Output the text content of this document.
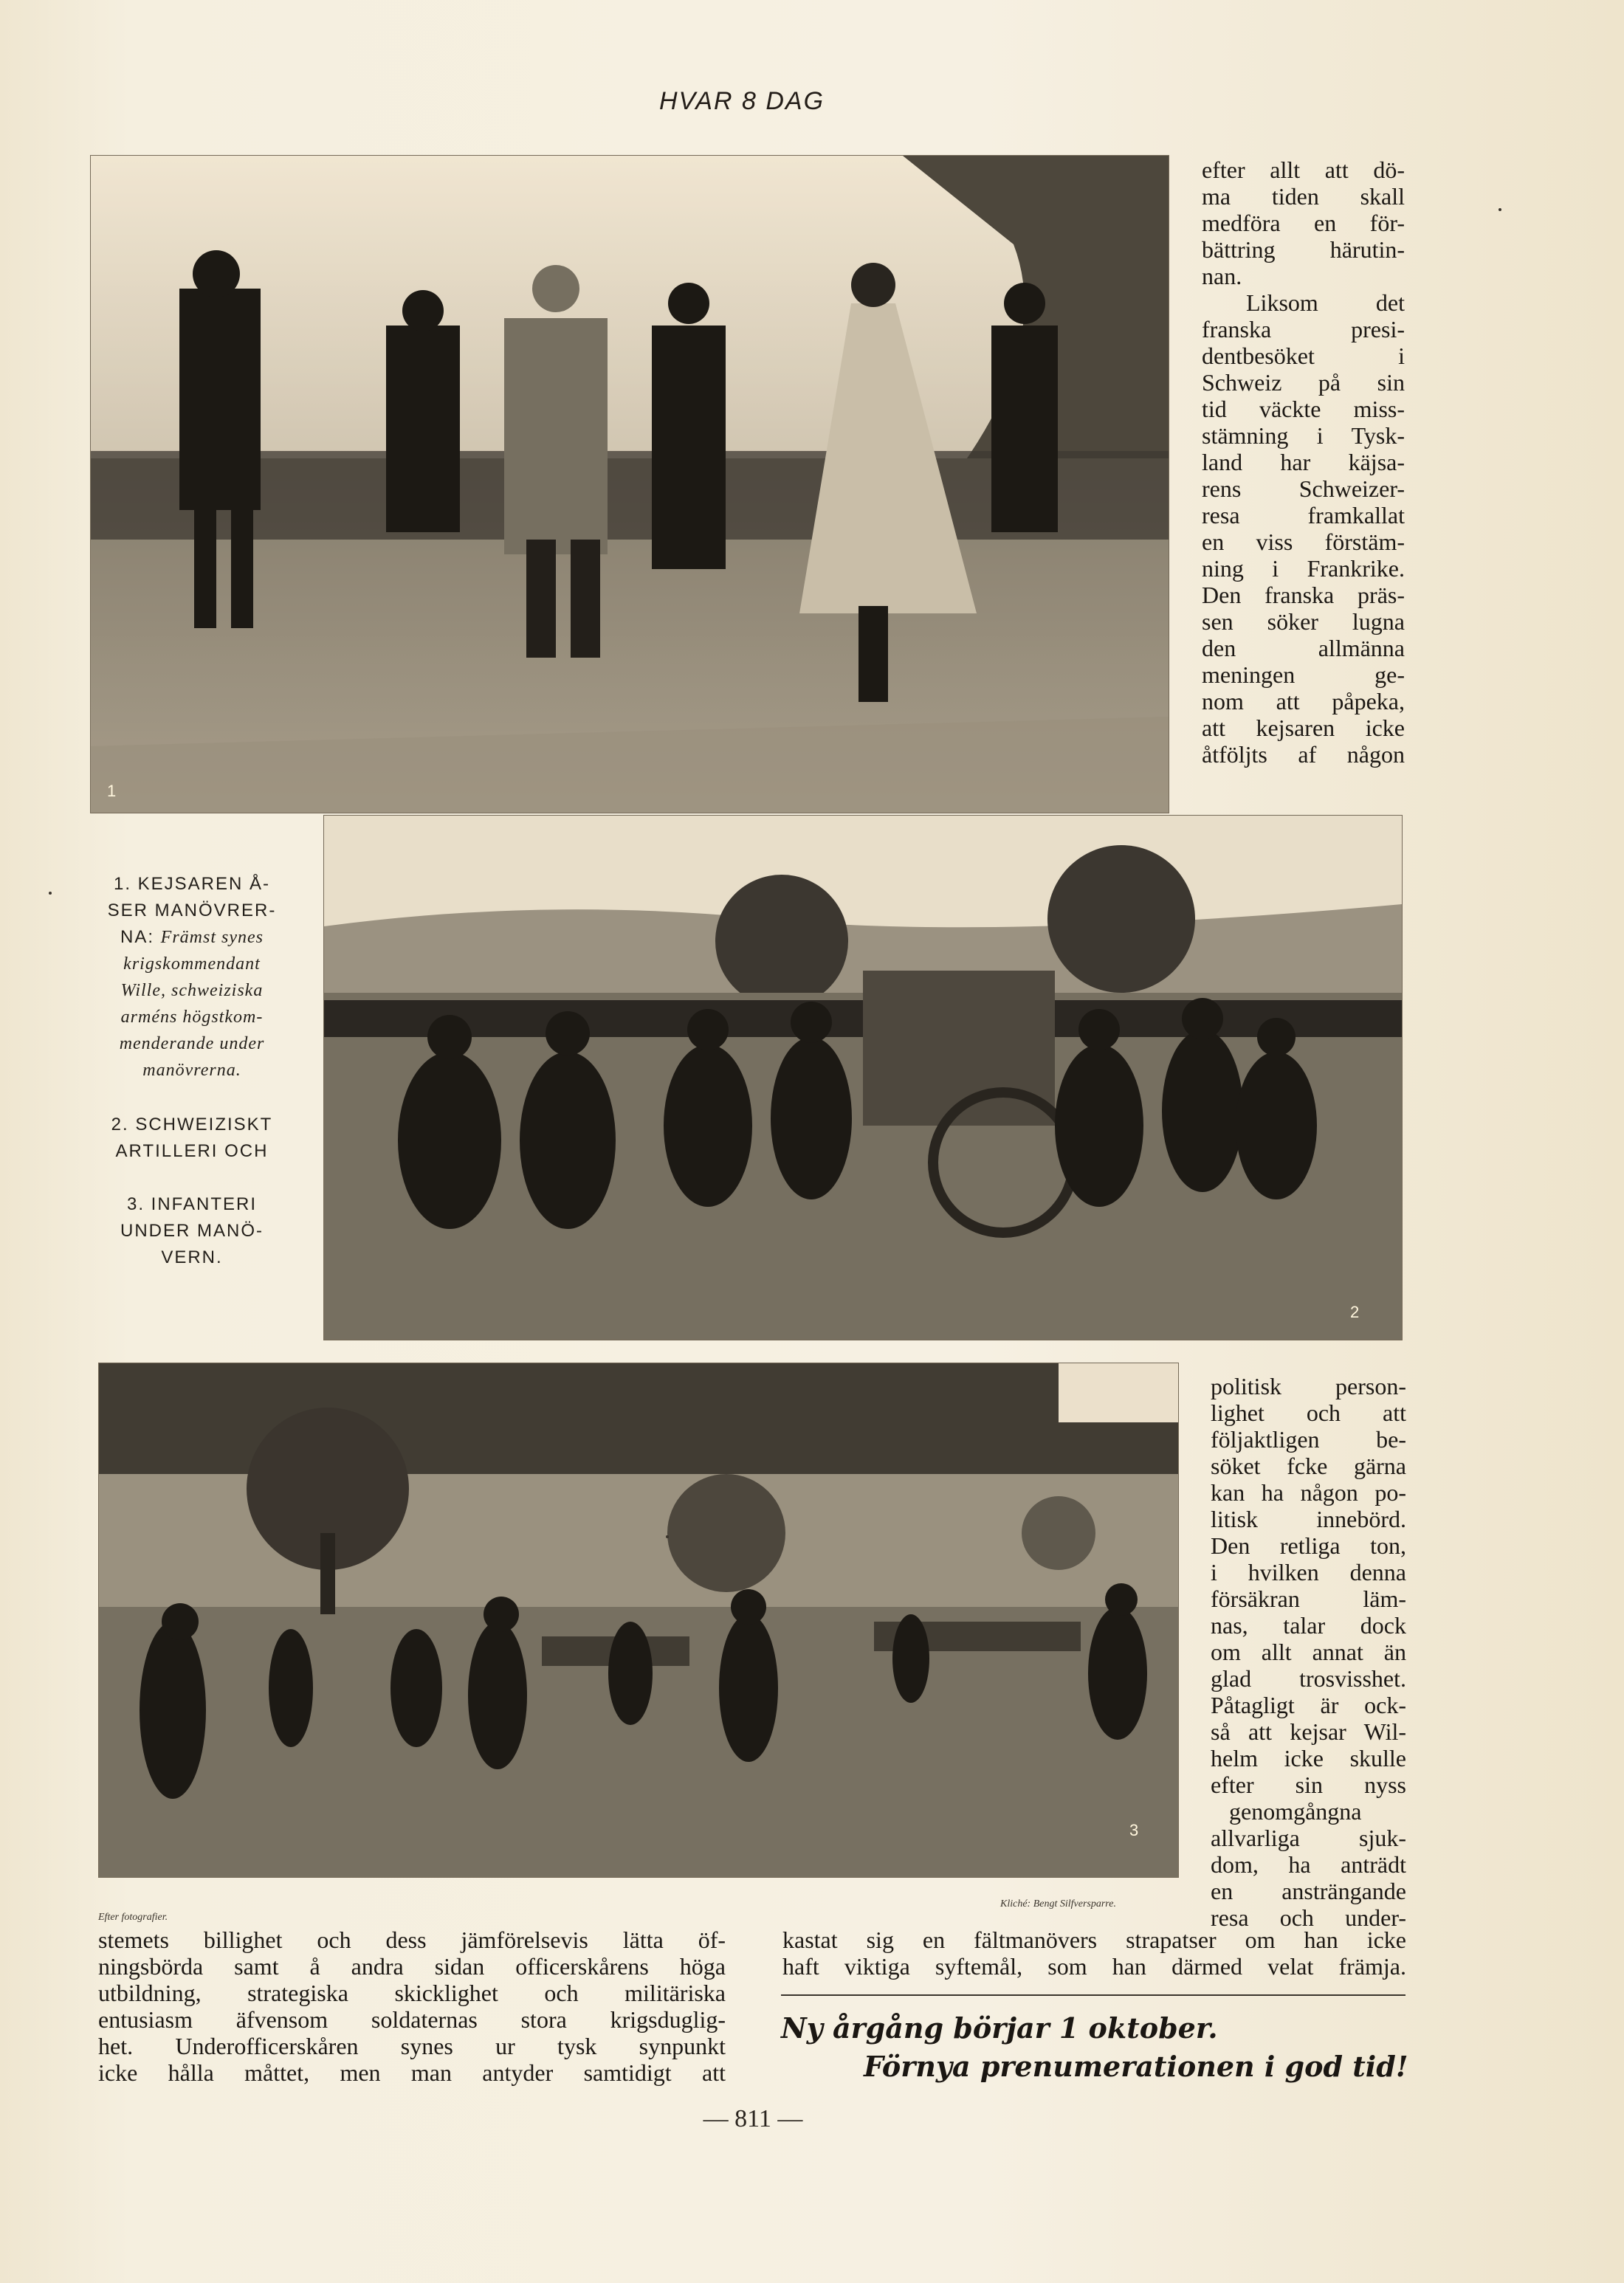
HVAR 8 DAG
1
efter allt att dö-
ma tiden skall
medföra en för-
bättring härutin-
nan.
Liksom det
franska presi-
dentbesöket i
Schweiz på sin
tid väckte miss-
stämning i Tysk-
land har käjsa-
rens Schweizer-
resa framkallat
en viss förstäm-
ning i Frankrike.
Den franska präs-
sen söker lugna
den allmänna
meningen ge-
nom att påpeka,
att kejsaren icke
åtföljts af någon
1. KEJSAREN Å-
SER MANÖVRER-
NA: Främst synes
krigskommendant
Wille, schweiziska
arméns högstkom-
menderande under
manövrerna.
2. SCHWEIZISKT
ARTILLERI OCH
3. INFANTERI
UNDER MANÖ-
VERN.
2
3
politisk person-
lighet och att
följaktligen be-
söket fcke gärna
kan ha någon po-
litisk innebörd.
Den retliga ton,
i hvilken denna
försäkran läm-
nas, talar dock
om allt annat än
glad trosvisshet.
Påtagligt är ock-
så att kejsar Wil-
helm icke skulle
efter sin nyss
genomgångna
allvarliga sjuk-
dom, ha anträdt
en ansträngande
resa och under-
Efter fotografier.
Kliché: Bengt Silfversparre.
stemets billighet och dess jämförelsevis lätta öf-
ningsbörda samt å andra sidan officerskårens höga
utbildning, strategiska skicklighet och militäriska
entusiasm äfvensom soldaternas stora krigsduglig-
het. Underofficerskåren synes ur tysk synpunkt
icke hålla måttet, men man antyder samtidigt att
kastat sig en fältmanövers strapatser om han icke
haft viktiga syftemål, som han därmed velat främja.
Ny årgång börjar 1 oktober.
Förnya prenumerationen i god tid!
— 811 —
